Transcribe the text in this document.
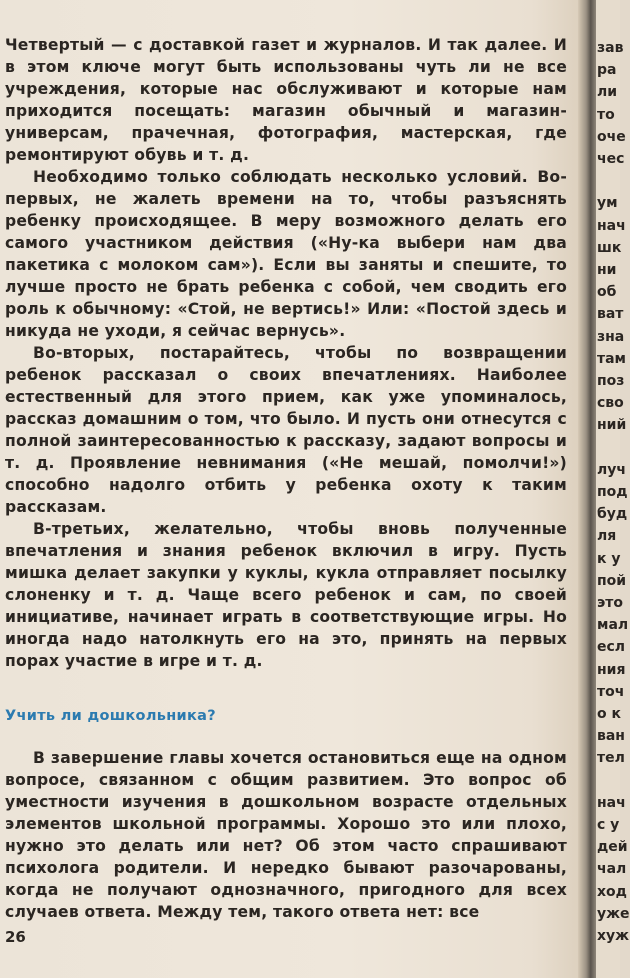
Четвертый — с доставкой газет и журналов. И так далее. И в этом ключе могут быть использованы чуть ли не все учреждения, которые нас обслуживают и которые нам приходится посещать: магазин обычный и магазин-универсам, прачечная, фотография, мастерская, где ремонтируют обувь и т. д.

Необходимо только соблюдать несколько условий. Во-первых, не жалеть времени на то, чтобы разъяснять ребенку происходящее. В меру возможного делать его самого участником действия («Ну-ка выбери нам два пакетика с молоком сам»). Если вы заняты и спешите, то лучше просто не брать ребенка с собой, чем сводить его роль к обычному: «Стой, не вертись!» Или: «Постой здесь и никуда не уходи, я сейчас вернусь».

Во-вторых, постарайтесь, чтобы по возвращении ребенок рассказал о своих впечатлениях. Наиболее естественный для этого прием, как уже упоминалось, рассказ домашним о том, что было. И пусть они отнесутся с полной заинтересованностью к рассказу, задают вопросы и т. д. Проявление невнимания («Не мешай, помолчи!») способно надолго отбить у ребенка охоту к таким рассказам.

В-третьих, желательно, чтобы вновь полученные впечатления и знания ребенок включил в игру. Пусть мишка делает закупки у куклы, кукла отправляет посылку слоненку и т. д. Чаще всего ребенок и сам, по своей инициативе, начинает играть в соответствующие игры. Но иногда надо натолкнуть его на это, принять на первых порах участие в игре и т. д.

Учить ли дошкольника?

В завершение главы хочется остановиться еще на одном вопросе, связанном с общим развитием. Это вопрос об уместности изучения в дошкольном возрасте отдельных элементов школьной программы. Хорошо это или плохо, нужно это делать или нет? Об этом часто спрашивают психолога родители. И нередко бывают разочарованы, когда не получают однозначного, пригодного для всех случаев ответа. Между тем, такого ответа нет: все

26
зав
ра
ли
то
оче
чес
ум
нач
шк
ни
об
ват
зна
там
поз
сво
ний
луч
под
буд
ля
к у
пой
это
мал
есл
ния
точ
о к
ван
тел
нач
с у
дей
чал
ход
уже
хуж
